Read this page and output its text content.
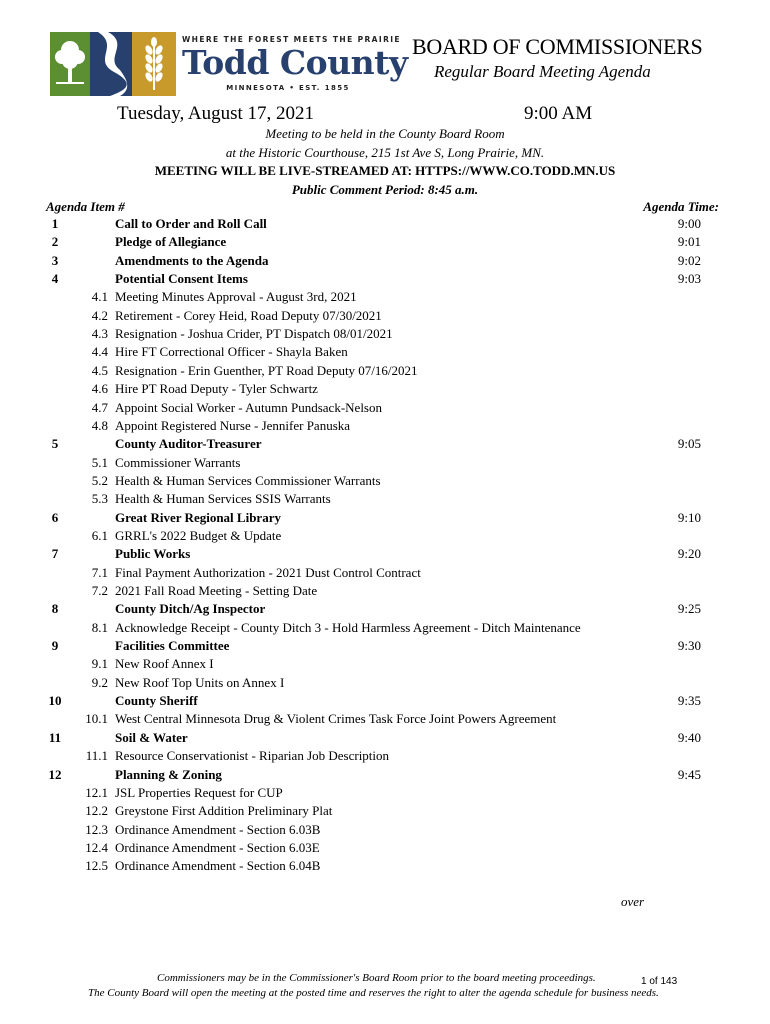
WHERE THE FOREST MEETS THE PRAIRIE
Todd County
MINNESOTA • EST. 1855
BOARD OF COMMISSIONERS
Regular Board Meeting Agenda
Tuesday, August 17, 2021	9:00 AM
Meeting to be held in the County Board Room
at the Historic Courthouse, 215 1st Ave S, Long Prairie, MN.
MEETING WILL BE LIVE-STREAMED AT: HTTPS://WWW.CO.TODD.MN.US
Public Comment Period: 8:45 a.m.
Agenda Item #	Agenda Time:
1	Call to Order and Roll Call	9:00
2	Pledge of Allegiance	9:01
3	Amendments to the Agenda	9:02
4	Potential Consent Items	9:03
4.1 Meeting Minutes Approval - August 3rd, 2021
4.2 Retirement - Corey Heid, Road Deputy 07/30/2021
4.3 Resignation - Joshua Crider, PT Dispatch 08/01/2021
4.4 Hire FT Correctional Officer - Shayla Baken
4.5 Resignation - Erin Guenther, PT Road Deputy 07/16/2021
4.6 Hire PT Road Deputy - Tyler Schwartz
4.7 Appoint Social Worker - Autumn Pundsack-Nelson
4.8 Appoint Registered Nurse - Jennifer Panuska
5	County Auditor-Treasurer	9:05
5.1 Commissioner Warrants
5.2 Health & Human Services Commissioner Warrants
5.3 Health & Human Services SSIS Warrants
6	Great River Regional Library	9:10
6.1 GRRL's 2022 Budget & Update
7	Public Works	9:20
7.1 Final Payment Authorization - 2021 Dust Control Contract
7.2 2021 Fall Road Meeting - Setting Date
8	County Ditch/Ag Inspector	9:25
8.1 Acknowledge Receipt - County Ditch 3 - Hold Harmless Agreement - Ditch Maintenance
9	Facilities Committee	9:30
9.1 New Roof Annex I
9.2 New Roof Top Units on Annex I
10	County Sheriff	9:35
10.1 West Central Minnesota Drug & Violent Crimes Task Force Joint Powers Agreement
11	Soil & Water	9:40
11.1 Resource Conservationist - Riparian Job Description
12	Planning & Zoning	9:45
12.1 JSL Properties Request for CUP
12.2 Greystone First Addition Preliminary Plat
12.3 Ordinance Amendment - Section 6.03B
12.4 Ordinance Amendment - Section 6.03E
12.5 Ordinance Amendment - Section 6.04B
over
Commissioners may be in the Commissioner's Board Room prior to the board meeting proceedings.	1 of 143
The County Board will open the meeting at the posted time and reserves the right to alter the agenda schedule for business needs.
